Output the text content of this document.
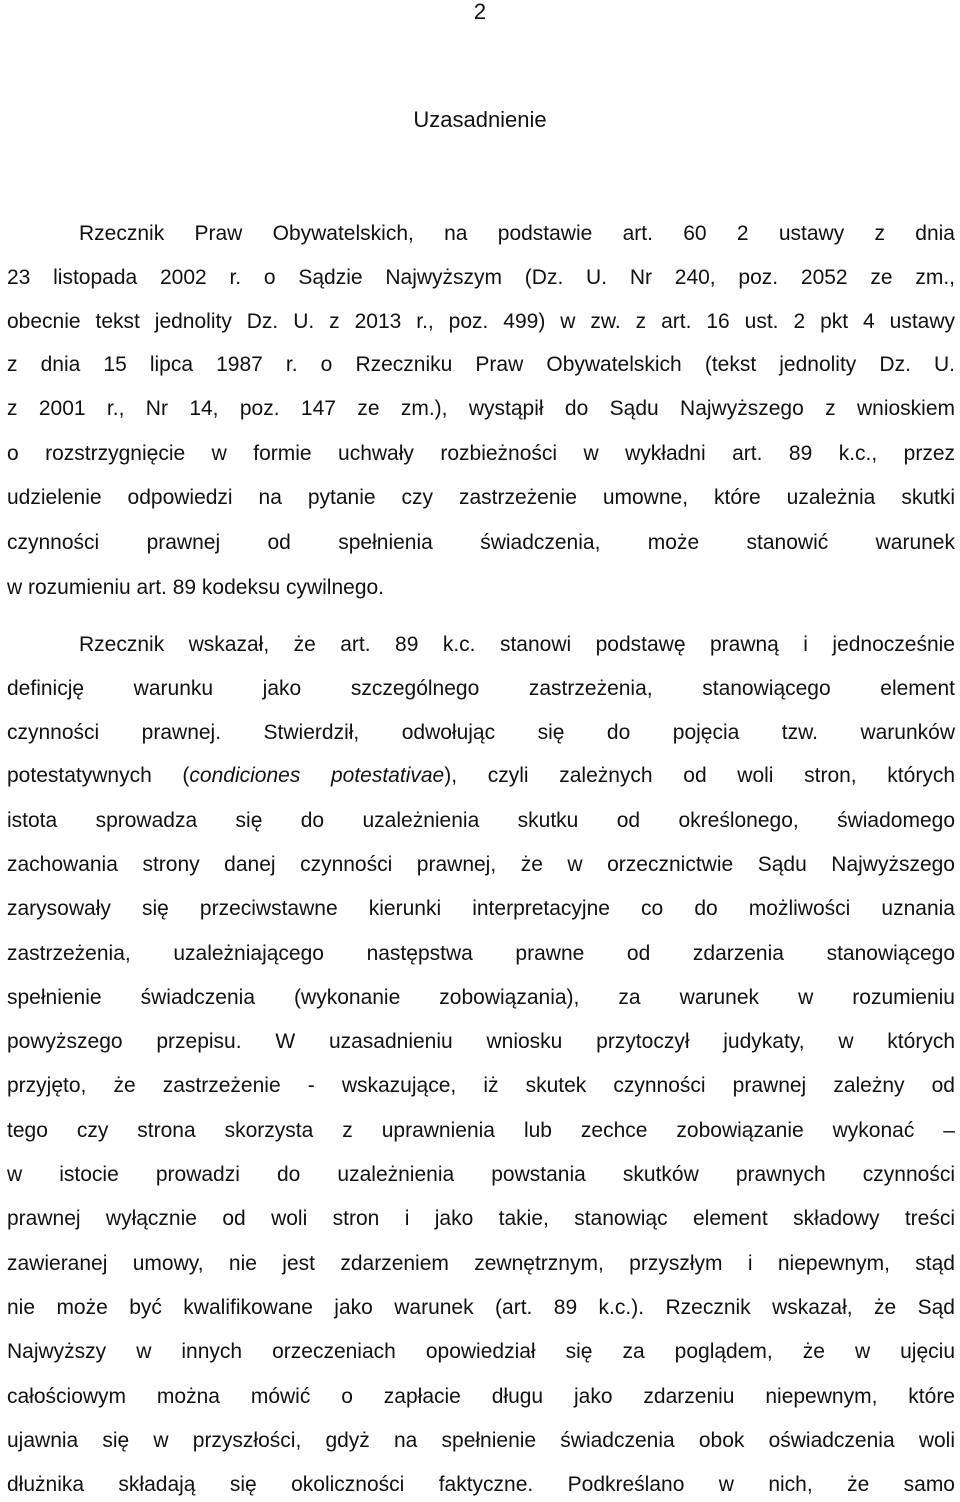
2
Uzasadnienie
Rzecznik Praw Obywatelskich, na podstawie art. 60 2 ustawy z dnia
23 listopada 2002 r. o Sądzie Najwyższym (Dz. U. Nr 240, poz. 2052 ze zm.,
obecnie tekst jednolity Dz. U. z 2013 r., poz. 499) w zw. z art. 16 ust. 2 pkt 4 ustawy
z dnia 15 lipca 1987 r. o Rzeczniku Praw Obywatelskich (tekst jednolity Dz. U.
z 2001 r., Nr 14, poz. 147 ze zm.), wystąpił do Sądu Najwyższego z wnioskiem
o rozstrzygnięcie w formie uchwały rozbieżności w wykładni art. 89 k.c., przez
udzielenie odpowiedzi na pytanie czy zastrzeżenie umowne, które uzależnia skutki
czynności prawnej od spełnienia świadczenia, może stanowić warunek
w rozumieniu art. 89 kodeksu cywilnego.
Rzecznik wskazał, że art. 89 k.c. stanowi podstawę prawną i jednocześnie
definicję warunku jako szczególnego zastrzeżenia, stanowiącego element
czynności prawnej. Stwierdził, odwołując się do pojęcia tzw. warunków
potestatywnych (condiciones potestativae), czyli zależnych od woli stron, których
istota sprowadza się do uzależnienia skutku od określonego, świadomego
zachowania strony danej czynności prawnej, że w orzecznictwie Sądu Najwyższego
zarysowały się przeciwstawne kierunki interpretacyjne co do możliwości uznania
zastrzeżenia, uzależniającego następstwa prawne od zdarzenia stanowiącego
spełnienie świadczenia (wykonanie zobowiązania), za warunek w rozumieniu
powyższego przepisu. W uzasadnieniu wniosku przytoczył judykaty, w których
przyjęto, że zastrzeżenie - wskazujące, iż skutek czynności prawnej zależny od
tego czy strona skorzysta z uprawnienia lub zechce zobowiązanie wykonać –
w istocie prowadzi do uzależnienia powstania skutków prawnych czynności
prawnej wyłącznie od woli stron i jako takie, stanowiąc element składowy treści
zawieranej umowy, nie jest zdarzeniem zewnętrznym, przyszłym i niepewnym, stąd
nie może być kwalifikowane jako warunek (art. 89 k.c.). Rzecznik wskazał, że Sąd
Najwyższy w innych orzeczeniach opowiedział się za poglądem, że w ujęciu
całościowym można mówić o zapłacie długu jako zdarzeniu niepewnym, które
ujawnia się w przyszłości, gdyż na spełnienie świadczenia obok oświadczenia woli
dłużnika składają się okoliczności faktyczne. Podkreślano w nich, że samo
